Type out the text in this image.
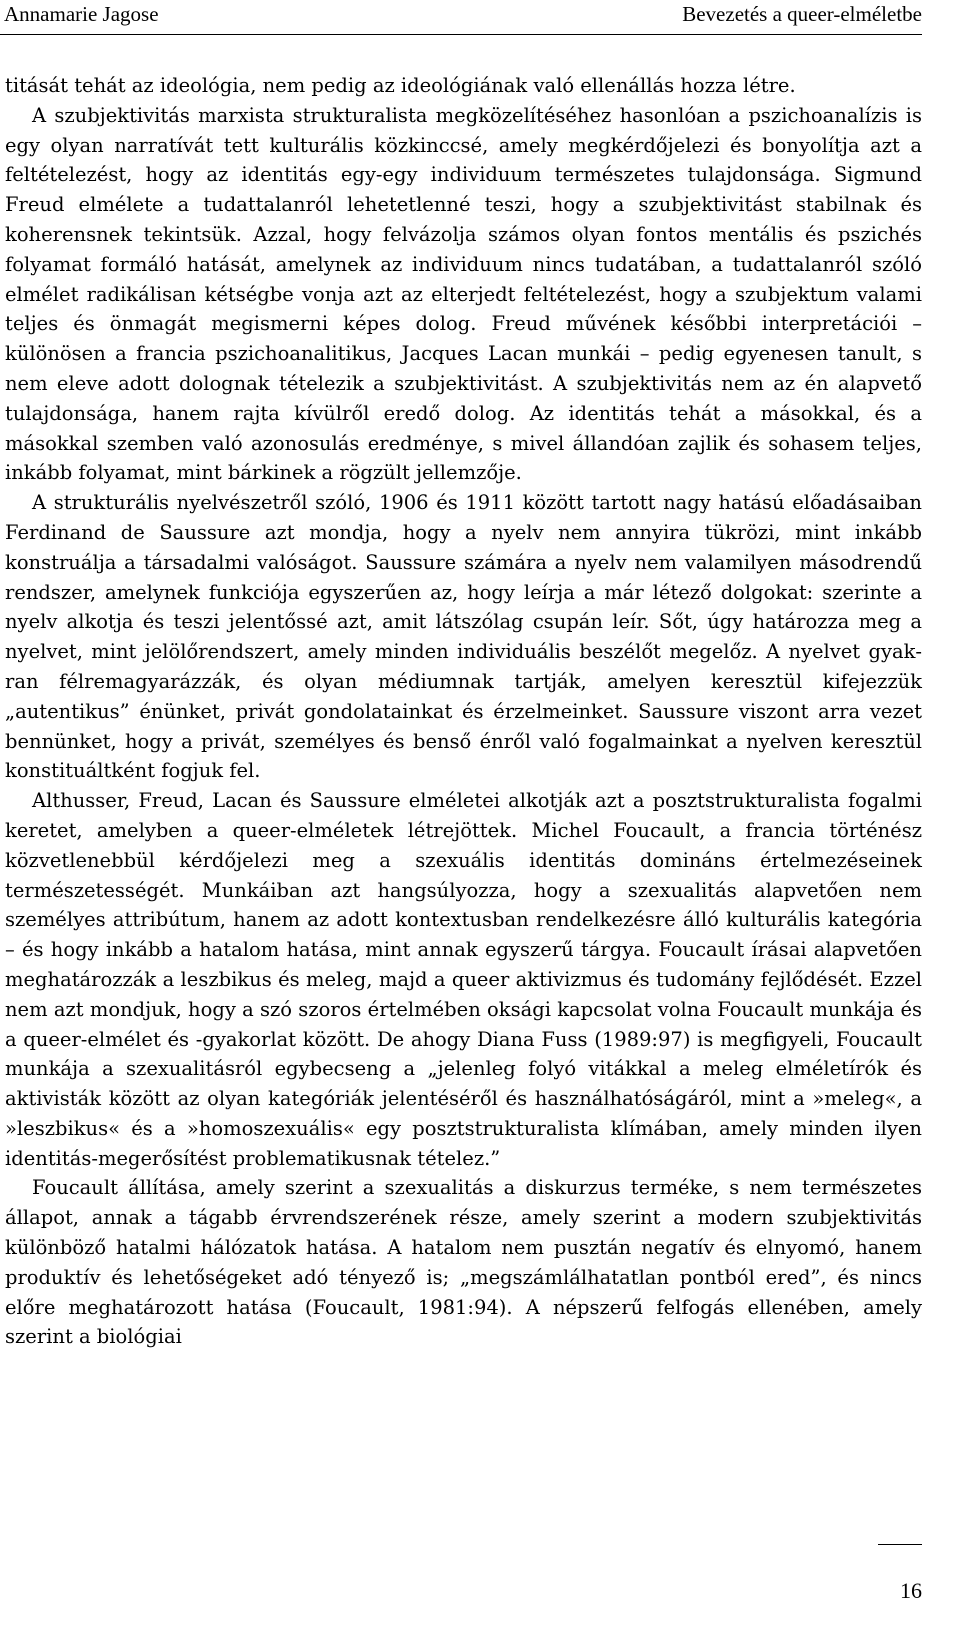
Annamarie Jagose	Bevezetés a queer-elméletbe

titását tehát az ideológia, nem pedig az ideológiának való ellenállás hozza létre.

A szubjektivitás marxista strukturalista megközelítéséhez hasonlóan a pszichoanalízis is egy olyan narratívát tett kulturális közkinccsé, amely megkérdőjelezi és bonyolítja azt a feltételezést, hogy az identitás egy-egy individuum természetes tulajdonsága. Sigmund Freud elmélete a tudattalanról lehetetlenné teszi, hogy a szubjektivitást stabilnak és koherensnek tekintsük. Azzal, hogy felvázolja számos olyan fontos mentális és pszichés folyamat formáló hatását, amelynek az individuum nincs tudatában, a tudattalanról szóló elmélet radikálisan kétségbe vonja azt az elterjedt feltételezést, hogy a szubjektum valami teljes és önmagát megismerni képes dolog. Freud művének későbbi interpretációi – különösen a francia pszichoanalitikus, Jacques Lacan munkái – pedig egyenesen tanult, s nem eleve adott dolognak tételezik a szubjektivitást. A szubjektivitás nem az én alapvető tulajdonsága, hanem rajta kívülről eredő dolog. Az identitás tehát a másokkal, és a másokkal szemben való azonosulás eredménye, s mivel állandóan zajlik és sohasem teljes, inkább folyamat, mint bárkinek a rögzült jellemzője.

A strukturális nyelvészetről szóló, 1906 és 1911 között tartott nagy hatású előadásaiban Ferdinand de Saussure azt mondja, hogy a nyelv nem annyira tükrözi, mint inkább konstruálja a társadalmi valóságot. Saussure számára a nyelv nem valamilyen másodrendű rendszer, amelynek funkciója egyszerűen az, hogy leírja a már létező dolgokat: szerinte a nyelv alkotja és teszi jelentőssé azt, amit látszólag csupán leír. Sőt, úgy határozza meg a nyelvet, mint jelölőrendszert, amely minden individuális beszélőt megelőz. A nyelvet gyakran félremagyarázzák, és olyan médiumnak tartják, amelyen keresztül kifejezzük „autentikus” énünket, privát gondolatainkat és érzelmeinket. Saussure viszont arra vezet bennünket, hogy a privát, személyes és benső énről való fogalmainkat a nyelven keresztül konstituáltként fogjuk fel.

Althusser, Freud, Lacan és Saussure elméletei alkotják azt a posztstrukturalista fogalmi keretet, amelyben a queer-elméletek létrejöttek. Michel Foucault, a francia történész közvetlenebbül kérdőjelezi meg a szexuális identitás domináns értelmezéseinek természetességét. Munkáiban azt hangsúlyozza, hogy a szexualitás alapvetően nem személyes attribútum, hanem az adott kontextusban rendelkezésre álló kulturális kategória – és hogy inkább a hatalom hatása, mint annak egyszerű tárgya. Foucault írásai alapvetően meghatározzák a leszbikus és meleg, majd a queer aktivizmus és tudomány fejlődését. Ezzel nem azt mondjuk, hogy a szó szoros értelmében oksági kapcsolat volna Foucault munkája és a queer-elmélet és -gyakorlat között. De ahogy Diana Fuss (1989:97) is megfigyeli, Foucault munkája a szexualitásról egybecseng a „jelenleg folyó vitákkal a meleg elméletírók és aktivisták között az olyan kategóriák jelentéséről és használhatóságáról, mint a »meleg«, a »leszbikus« és a »homoszexuális« egy posztstrukturalista klímában, amely minden ilyen identitás-megerősítést problematikusnak tételez.”

Foucault állítása, amely szerint a szexualitás a diskurzus terméke, s nem természetes állapot, annak a tágabb érvrendszerének része, amely szerint a modern szubjektivitás különböző hatalmi hálózatok hatása. A hatalom nem pusztán negatív és elnyomó, hanem produktív és lehetőségeket adó tényező is; „megszámlálhatatlan pontból ered”, és nincs előre meghatározott hatása (Foucault, 1981:94). A népszerű felfogás ellenében, amely szerint a biológiai

16
